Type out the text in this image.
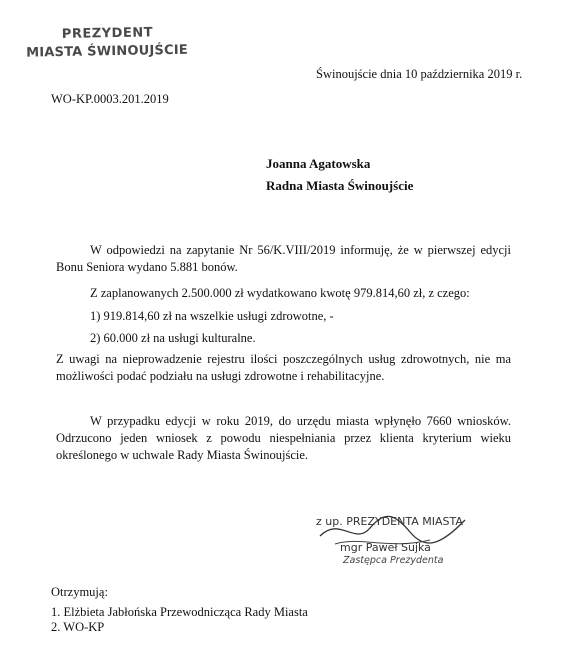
PREZYDENT
MIASTA ŚWINOUJŚCIE
Świnoujście dnia 10 października 2019 r.
WO-KP.0003.201.2019
Joanna Agatowska
Radna Miasta Świnoujście
W odpowiedzi na zapytanie Nr 56/K.VIII/2019 informuję, że w pierwszej edycji Bonu Seniora wydano 5.881 bonów.
Z zaplanowanych 2.500.000 zł wydatkowano kwotę 979.814,60 zł, z czego:
1) 919.814,60 zł na wszelkie usługi zdrowotne, -
2) 60.000 zł na usługi kulturalne.
Z uwagi na nieprowadzenie rejestru ilości poszczególnych usług zdrowotnych, nie ma możliwości podać podziału na usługi zdrowotne i rehabilitacyjne.
W przypadku edycji w roku 2019, do urzędu miasta wpłynęło 7660 wniosków. Odrzucono jeden wniosek z powodu niespełniania przez klienta kryterium wieku określonego w uchwale Rady Miasta Świnoujście.
z up. PREZYDENTA MIASTA
mgr Paweł Sujka
Zastępca Prezydenta
Otrzymują:
1. Elżbieta Jabłońska Przewodnicząca Rady Miasta
2. WO-KP
